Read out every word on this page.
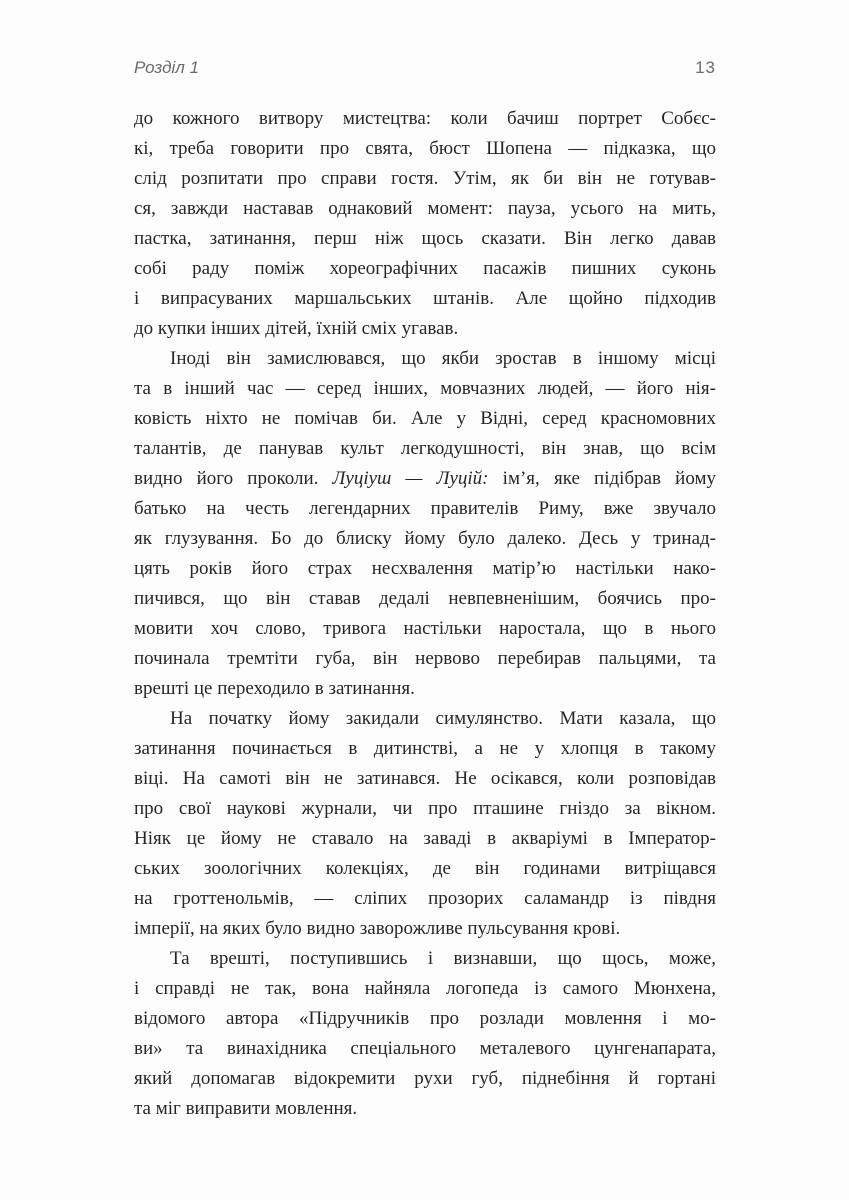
Розділ 1	13
до кожного витвору мистецтва: коли бачиш портрет Собєс-
кі, треба говорити про свята, бюст Шопена — підказка, що
слід розпитати про справи гостя. Утім, як би він не готував-
ся, завжди наставав однаковий момент: пауза, усього на мить,
пастка, затинання, перш ніж щось сказати. Він легко давав
собі раду поміж хореографічних пасажів пишних суконь
і випрасуваних маршальських штанів. Але щойно підходив
до купки інших дітей, їхній сміх угавав.
Іноді він замислювався, що якби зростав в іншому місці
та в інший час — серед інших, мовчазних людей, — його нія-
ковість ніхто не помічав би. Але у Відні, серед красномовних
талантів, де панував культ легкодушності, він знав, що всім
видно його проколи. Луціуш — Луцій: ім’я, яке підібрав йому
батько на честь легендарних правителів Риму, вже звучало
як глузування. Бо до блиску йому було далеко. Десь у тринад-
цять років його страх несхвалення матір’ю настільки нако-
пичився, що він ставав дедалі невпевненішим, боячись про-
мовити хоч слово, тривога настільки наростала, що в нього
починала тремтіти губа, він нервово перебирав пальцями, та
врешті це переходило в затинання.
На початку йому закидали симулянство. Мати казала, що
затинання починається в дитинстві, а не у хлопця в такому
віці. На самоті він не затинався. Не осікався, коли розповідав
про свої наукові журнали, чи про пташине гніздо за вікном.
Ніяк це йому не ставало на заваді в акваріумі в Імператор-
ських зоологічних колекціях, де він годинами витріщався
на гроттенольмів, — сліпих прозорих саламандр із півдня
імперії, на яких було видно заворожливе пульсування крові.
Та врешті, поступившись і визнавши, що щось, може,
і справді не так, вона найняла логопеда із самого Мюнхена,
відомого автора «Підручників про розлади мовлення і мо-
ви» та винахідника спеціального металевого цунгенапарата,
який допомагав відокремити рухи губ, піднебіння й гортані
та міг виправити мовлення.
